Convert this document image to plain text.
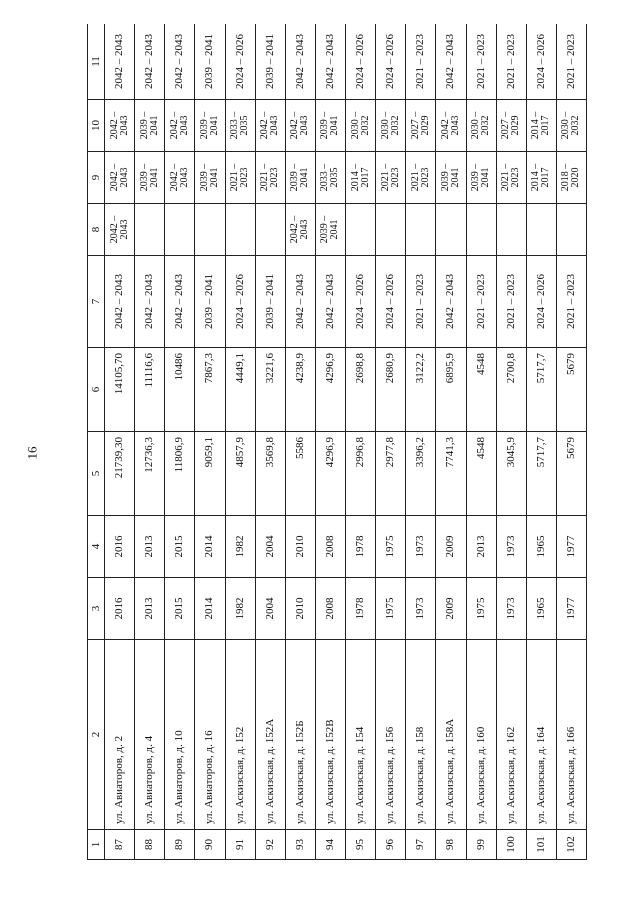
16
1	2	3	4	5	6	7	8	9	10	11
87	ул. Авиаторов, д. 2	2016	2016	21739,30	14105,70	2042 – 2043	2042 – 2043	2042 – 2043	2042 – 2043	2042 – 2043
88	ул. Авиаторов, д. 4	2013	2013	12736,3	11116,6	2042 – 2043		2039 – 2041	2039 – 2041	2042 – 2043
89	ул. Авиаторов, д. 10	2015	2015	11806,9	10486	2042 – 2043		2042 – 2043	2042 – 2043	2042 – 2043
90	ул. Авиаторов, д. 16	2014	2014	9059,1	7867,3	2039 – 2041		2039 – 2041	2039 – 2041	2039 – 2041
91	ул. Аскизская, д. 152	1982	1982	4857,9	4449,1	2024 – 2026		2021 – 2023	2033 – 2035	2024 – 2026
92	ул. Аскизская, д. 152А	2004	2004	3569,8	3221,6	2039 – 2041		2021 – 2023	2042 – 2043	2039 – 2041
93	ул. Аскизская, д. 152Б	2010	2010	5586	4238,9	2042 – 2043	2042 – 2043	2039 – 2041	2042 – 2043	2042 – 2043
94	ул. Аскизская, д. 152В	2008	2008	4296,9	4296,9	2042 – 2043	2039 – 2041	2033 – 2035	2039 – 2041	2042 – 2043
95	ул. Аскизская, д. 154	1978	1978	2996,8	2698,8	2024 – 2026		2014 – 2017	2030 – 2032	2024 – 2026
96	ул. Аскизская, д. 156	1975	1975	2977,8	2680,9	2024 – 2026		2021 – 2023	2030 – 2032	2024 – 2026
97	ул. Аскизская, д. 158	1973	1973	3396,2	3122,2	2021 – 2023		2021 – 2023	2027 – 2029	2021 – 2023
98	ул. Аскизская, д. 158А	2009	2009	7741,3	6895,9	2042 – 2043		2039 – 2041	2042 – 2043	2042 – 2043
99	ул. Аскизская, д. 160	1975	2013	4548	4548	2021 – 2023		2039 – 2041	2030 – 2032	2021 – 2023
100	ул. Аскизская, д. 162	1973	1973	3045,9	2700,8	2021 – 2023		2021 – 2023	2027 – 2029	2021 – 2023
101	ул. Аскизская, д. 164	1965	1965	5717,7	5717,7	2024 – 2026		2014 – 2017	2014 – 2017	2024 – 2026
102	ул. Аскизская, д. 166	1977	1977	5679	5679	2021 – 2023		2018 – 2020	2030 – 2032	2021 – 2023
